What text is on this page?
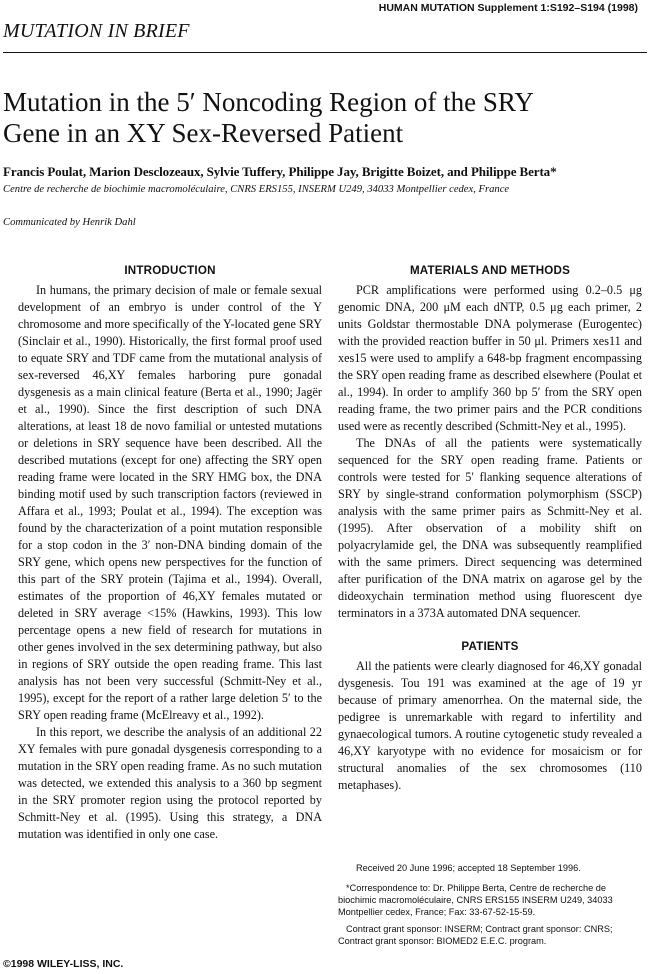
HUMAN MUTATION Supplement 1:S192–S194 (1998)
MUTATION IN BRIEF
Mutation in the 5′ Noncoding Region of the SRY
Gene in an XY Sex-Reversed Patient
Francis Poulat, Marion Desclozeaux, Sylvie Tuffery, Philippe Jay, Brigitte Boizet, and Philippe Berta*
Centre de recherche de biochimie macromoléculaire, CNRS ERS155, INSERM U249, 34033 Montpellier cedex, France
Communicated by Henrik Dahl
INTRODUCTION

In humans, the primary decision of male or female sexual development of an embryo is under control of the Y chromosome and more specifically of the Y-located gene SRY (Sinclair et al., 1990). Historically, the first formal proof used to equate SRY and TDF came from the mutational analysis of sex-reversed 46,XY females harboring pure gonadal dysgenesis as a main clinical feature (Berta et al., 1990; Jagër et al., 1990). Since the first description of such DNA alterations, at least 18 de novo familial or untested mutations or deletions in SRY sequence have been described. All the described mutations (except for one) affecting the SRY open reading frame were located in the SRY HMG box, the DNA binding motif used by such transcription factors (reviewed in Affara et al., 1993; Poulat et al., 1994). The exception was found by the characterization of a point mutation responsible for a stop codon in the 3′ non-DNA binding domain of the SRY gene, which opens new perspectives for the function of this part of the SRY protein (Tajima et al., 1994). Overall, estimates of the proportion of 46,XY females mutated or deleted in SRY average <15% (Hawkins, 1993). This low percentage opens a new field of research for mutations in other genes involved in the sex determining pathway, but also in regions of SRY outside the open reading frame. This last analysis has not been very successful (Schmitt-Ney et al., 1995), except for the report of a rather large deletion 5′ to the SRY open reading frame (McElreavy et al., 1992).

In this report, we describe the analysis of an additional 22 XY females with pure gonadal dysgenesis corresponding to a mutation in the SRY open reading frame. As no such mutation was detected, we extended this analysis to a 360 bp segment in the SRY promoter region using the protocol reported by Schmitt-Ney et al. (1995). Using this strategy, a DNA mutation was identified in only one case.

MATERIALS AND METHODS

PCR amplifications were performed using 0.2–0.5 μg genomic DNA, 200 μM each dNTP, 0.5 μg each primer, 2 units Goldstar thermostable DNA polymerase (Eurogentec) with the provided reaction buffer in 50 μl. Primers xes11 and xes15 were used to amplify a 648-bp fragment encompassing the SRY open reading frame as described elsewhere (Poulat et al., 1994). In order to amplify 360 bp 5′ from the SRY open reading frame, the two primer pairs and the PCR conditions used were as recently described (Schmitt-Ney et al., 1995).

The DNAs of all the patients were systematically sequenced for the SRY open reading frame. Patients or controls were tested for 5′ flanking sequence alterations of SRY by single-strand conformation polymorphism (SSCP) analysis with the same primer pairs as Schmitt-Ney et al. (1995). After observation of a mobility shift on polyacrylamide gel, the DNA was subsequently reamplified with the same primers. Direct sequencing was determined after purification of the DNA matrix on agarose gel by the dideoxychain termination method using fluorescent dye terminators in a 373A automated DNA sequencer.

PATIENTS

All the patients were clearly diagnosed for 46,XY gonadal dysgenesis. Tou 191 was examined at the age of 19 yr because of primary amenorrhea. On the maternal side, the pedigree is unremarkable with regard to infertility and gynaecological tumors. A routine cytogenetic study revealed a 46,XY karyotype with no evidence for mosaicism or for structural anomalies of the sex chromosomes (110 metaphases).

Received 20 June 1996; accepted 18 September 1996.

*Correspondence to: Dr. Philippe Berta, Centre de recherche de biochimic macromoléculaire, CNRS ERS155 INSERM U249, 34033 Montpellier cedex, France; Fax: 33-67-52-15-59.

Contract grant sponsor: INSERM; Contract grant sponsor: CNRS; Contract grant sponsor: BIOMED2 E.E.C. program.

©1998 WILEY-LISS, INC.
